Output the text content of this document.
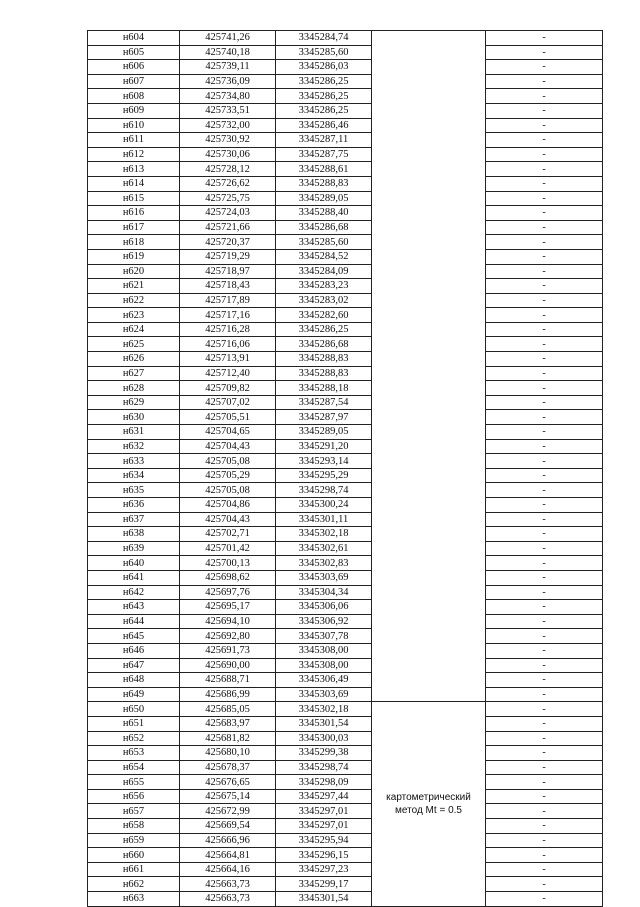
н604	425741,26	3345284,74		-
н605	425740,18	3345285,60		-
н606	425739,11	3345286,03		-
н607	425736,09	3345286,25		-
н608	425734,80	3345286,25		-
н609	425733,51	3345286,25		-
н610	425732,00	3345286,46		-
н611	425730,92	3345287,11		-
н612	425730,06	3345287,75		-
н613	425728,12	3345288,61		-
н614	425726,62	3345288,83		-
н615	425725,75	3345289,05		-
н616	425724,03	3345288,40		-
н617	425721,66	3345286,68		-
н618	425720,37	3345285,60		-
н619	425719,29	3345284,52		-
н620	425718,97	3345284,09		-
н621	425718,43	3345283,23		-
н622	425717,89	3345283,02		-
н623	425717,16	3345282,60		-
н624	425716,28	3345286,25		-
н625	425716,06	3345286,68		-
н626	425713,91	3345288,83		-
н627	425712,40	3345288,83		-
н628	425709,82	3345288,18		-
н629	425707,02	3345287,54		-
н630	425705,51	3345287,97		-
н631	425704,65	3345289,05		-
н632	425704,43	3345291,20		-
н633	425705,08	3345293,14		-
н634	425705,29	3345295,29		-
н635	425705,08	3345298,74		-
н636	425704,86	3345300,24		-
н637	425704,43	3345301,11		-
н638	425702,71	3345302,18		-
н639	425701,42	3345302,61		-
н640	425700,13	3345302,83		-
н641	425698,62	3345303,69		-
н642	425697,76	3345304,34		-
н643	425695,17	3345306,06		-
н644	425694,10	3345306,92		-
н645	425692,80	3345307,78		-
н646	425691,73	3345308,00		-
н647	425690,00	3345308,00		-
н648	425688,71	3345306,49		-
н649	425686,99	3345303,69		-
н650	425685,05	3345302,18	картометрический метод Mt = 0.5	-
н651	425683,97	3345301,54		-
н652	425681,82	3345300,03		-
н653	425680,10	3345299,38		-
н654	425678,37	3345298,74		-
н655	425676,65	3345298,09		-
н656	425675,14	3345297,44		-
н657	425672,99	3345297,01		-
н658	425669,54	3345297,01		-
н659	425666,96	3345295,94		-
н660	425664,81	3345296,15		-
н661	425664,16	3345297,23		-
н662	425663,73	3345299,17		-
н663	425663,73	3345301,54		-
